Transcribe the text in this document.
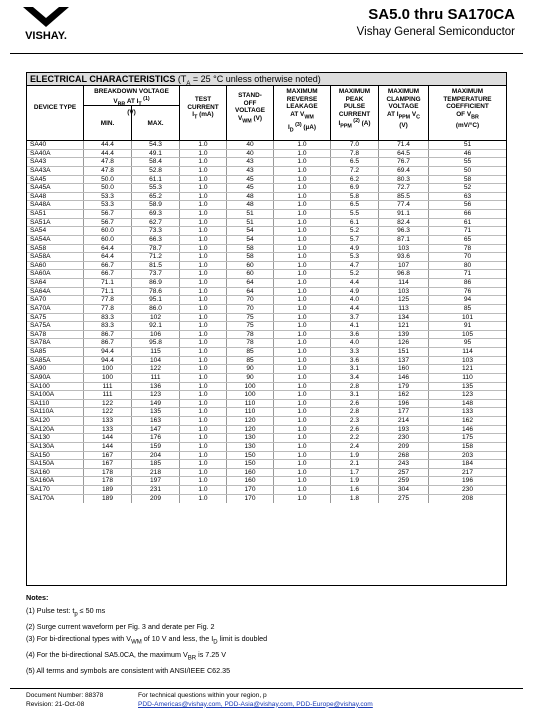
VISHAY.
SA5.0 thru SA170CA
Vishay General Semiconductor
ELECTRICAL CHARACTERISTICS ($T_A = 25$ °C unless otherwise noted)
DEVICE TYPE
BREAKDOWN VOLTAGE
$V_{BR}$ AT $I_T$ $^{(1)}$
(V)
MIN.	MAX.
TEST
CURRENT
$I_T$ (mA)
STAND-
OFF
VOLTAGE
$V_{WM}$ (V)
MAXIMUM
REVERSE
LEAKAGE
AT $V_{WM}$
$I_D$ $^{(3)}$ (µA)
MAXIMUM
PEAK
PULSE
CURRENT
$I_{PPM}$ $^{(2)}$ (A)
MAXIMUM
CLAMPING
VOLTAGE
AT $I_{PPM}$ $V_C$
(V)
MAXIMUM
TEMPERATURE
COEFFICIENT
OF $V_{BR}$
(mV/°C)
SA40	44.4	54.3	1.0	40	1.0	7.0	71.4	51
SA40A	44.4	49.1	1.0	40	1.0	7.8	64.5	46
SA43	47.8	58.4	1.0	43	1.0	6.5	76.7	55
SA43A	47.8	52.8	1.0	43	1.0	7.2	69.4	50
SA45	50.0	61.1	1.0	45	1.0	6.2	80.3	58
SA45A	50.0	55.3	1.0	45	1.0	6.9	72.7	52
SA48	53.3	65.2	1.0	48	1.0	5.8	85.5	63
SA48A	53.3	58.9	1.0	48	1.0	6.5	77.4	56
SA51	56.7	69.3	1.0	51	1.0	5.5	91.1	66
SA51A	56.7	62.7	1.0	51	1.0	6.1	82.4	61
SA54	60.0	73.3	1.0	54	1.0	5.2	96.3	71
SA54A	60.0	66.3	1.0	54	1.0	5.7	87.1	65
SA58	64.4	78.7	1.0	58	1.0	4.9	103	78
SA58A	64.4	71.2	1.0	58	1.0	5.3	93.6	70
SA60	66.7	81.5	1.0	60	1.0	4.7	107	80
SA60A	66.7	73.7	1.0	60	1.0	5.2	96.8	71
SA64	71.1	86.9	1.0	64	1.0	4.4	114	86
SA64A	71.1	78.6	1.0	64	1.0	4.9	103	76
SA70	77.8	95.1	1.0	70	1.0	4.0	125	94
SA70A	77.8	86.0	1.0	70	1.0	4.4	113	85
SA75	83.3	102	1.0	75	1.0	3.7	134	101
SA75A	83.3	92.1	1.0	75	1.0	4.1	121	91
SA78	86.7	106	1.0	78	1.0	3.6	139	105
SA78A	86.7	95.8	1.0	78	1.0	4.0	126	95
SA85	94.4	115	1.0	85	1.0	3.3	151	114
SA85A	94.4	104	1.0	85	1.0	3.6	137	103
SA90	100	122	1.0	90	1.0	3.1	160	121
SA90A	100	111	1.0	90	1.0	3.4	146	110
SA100	111	136	1.0	100	1.0	2.8	179	135
SA100A	111	123	1.0	100	1.0	3.1	162	123
SA110	122	149	1.0	110	1.0	2.6	196	148
SA110A	122	135	1.0	110	1.0	2.8	177	133
SA120	133	163	1.0	120	1.0	2.3	214	162
SA120A	133	147	1.0	120	1.0	2.6	193	146
SA130	144	176	1.0	130	1.0	2.2	230	175
SA130A	144	159	1.0	130	1.0	2.4	209	158
SA150	167	204	1.0	150	1.0	1.9	268	203
SA150A	167	185	1.0	150	1.0	2.1	243	184
SA160	178	218	1.0	160	1.0	1.7	257	217
SA160A	178	197	1.0	160	1.0	1.9	259	196
SA170	189	231	1.0	170	1.0	1.6	304	230
SA170A	189	209	1.0	170	1.0	1.8	275	208
Notes:
(1) Pulse test: $t_p \le 50$ ms
(2) Surge current waveform per Fig. 3 and derate per Fig. 2
(3) For bi-directional types with $V_{WM}$ of 10 V and less, the $I_D$ limit is doubled
(4) For the bi-directional SA5.0CA, the maximum $V_{BR}$ is 7.25 V
(5) All terms and symbols are consistent with ANSI/IEEE C62.35
Document Number: 88378
Revision: 21-Oct-08
For technical questions within your region, p
PDD-Americas@vishay.com, PDD-Asia@vishay.com, PDD-Europe@vishay.com
